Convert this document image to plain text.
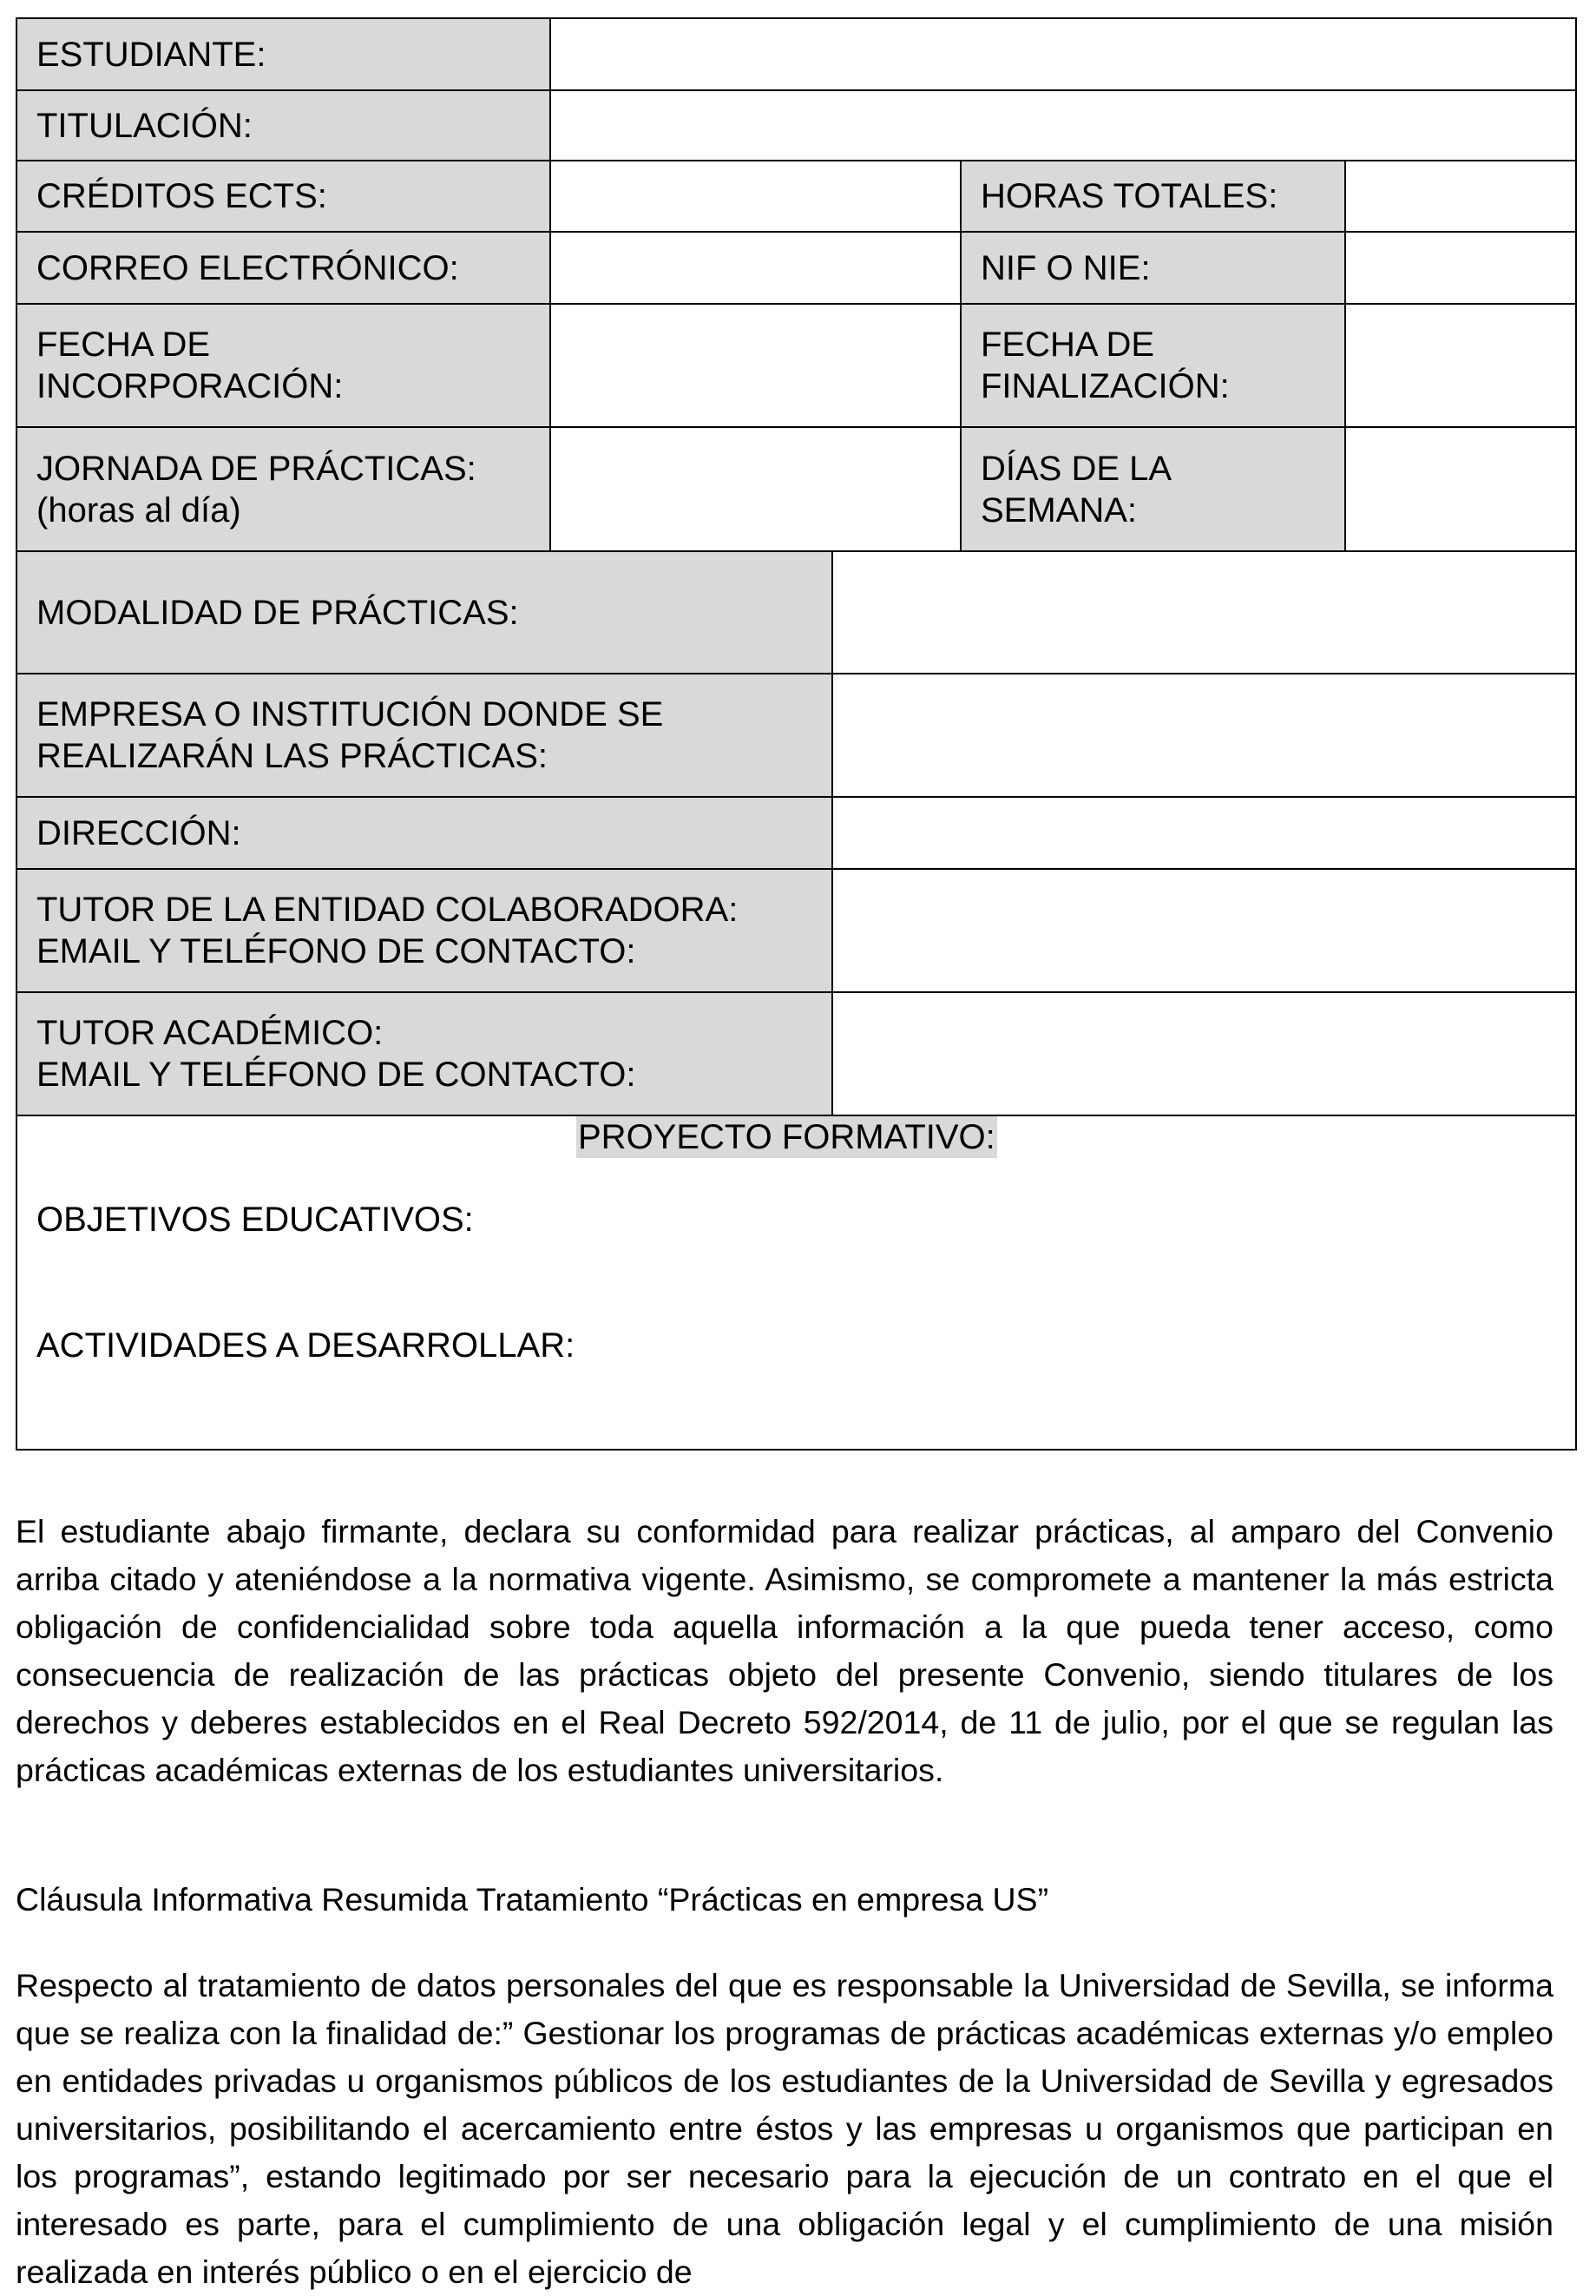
ESTUDIANTE:
TITULACIÓN:
CRÉDITOS ECTS:	HORAS TOTALES:
CORREO ELECTRÓNICO:	NIF O NIE:
FECHA DE
INCORPORACIÓN:
FECHA DE
FINALIZACIÓN:
JORNADA DE PRÁCTICAS:
(horas al día)
DÍAS DE LA
SEMANA:
MODALIDAD DE PRÁCTICAS:
EMPRESA O INSTITUCIÓN DONDE SE
REALIZARÁN LAS PRÁCTICAS:
DIRECCIÓN:
TUTOR DE LA ENTIDAD COLABORADORA:
EMAIL Y TELÉFONO DE CONTACTO:
TUTOR ACADÉMICO:
EMAIL Y TELÉFONO DE CONTACTO:
PROYECTO FORMATIVO:
OBJETIVOS EDUCATIVOS:
ACTIVIDADES A DESARROLLAR:
El estudiante abajo firmante, declara su conformidad para realizar prácticas, al amparo del Convenio arriba citado y ateniéndose a la normativa vigente. Asimismo, se compromete a mantener la más estricta obligación de confidencialidad sobre toda aquella información a la que pueda tener acceso, como consecuencia de realización de las prácticas objeto del presente Convenio, siendo titulares de los derechos y deberes establecidos en el Real Decreto 592/2014, de 11 de julio, por el que se regulan las prácticas académicas externas de los estudiantes universitarios.
Cláusula Informativa Resumida Tratamiento “Prácticas en empresa US”
Respecto al tratamiento de datos personales del que es responsable la Universidad de Sevilla, se informa que se realiza con la finalidad de:” Gestionar los programas de prácticas académicas externas y/o empleo en entidades privadas u organismos públicos de los estudiantes de la Universidad de Sevilla y egresados universitarios, posibilitando el acercamiento entre éstos y las empresas u organismos que participan en los programas”, estando legitimado por ser necesario para la ejecución de un contrato en el que el interesado es parte, para el cumplimiento de una obligación legal y el cumplimiento de una misión realizada en interés público o en el ejercicio de
